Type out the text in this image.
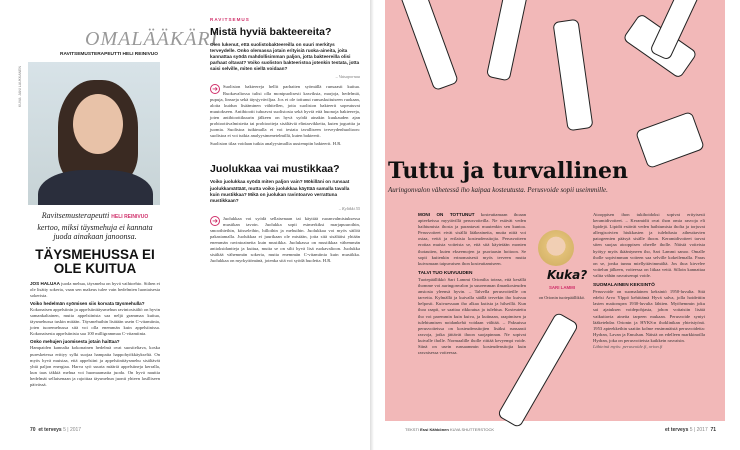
OMALÄÄKÄRI
RAVITSEMUSTERAPEUTTI HELI REINIVUO
KUVA: JANI LAUKKANEN
Ravitsemusterapeutti HELI REINIVUO kertoo, miksi täysmehuja ei kannata juoda ainakaan janoonsa.
TÄYSMEHUSSA EI OLE KUITUA

JOS HALUAA juoda mehua, täysmehu on hyvä vaihtoehto. Siihen ei ole lisätty sokeria, vaan sen makeus tulee vain hedelmien luontaisesta sokerista.

Voiko hedelmän syömisen siis korvata täysmehulla?

Kokonaisen appelsiinin ja appelsiinitäysmehun ravintosisältö on hyvin samankaltainen, mutta appelsiinista saa neljä grammaa kuitua, täysmehussa tuskin mitään. Täysmehuihin lisätään usein C-vitamiinia, joten tuoremehussa sitä voi olla enemmän kuin appelsiinissa. Kokonaisesta appelsiinista saa 100 milligrammaa C-vitamiinia.

Onko mehujen juomisesta jotain haittaa?

Hampaiden kannalta kokonainen hedelmä ovat suositeltava, koska puresketessa erittyy sylki suojaa hampaita happohyökkäykseltä. On myös hyvä muistaa, että appelsiini ja appelsiinitäysmehu sisältävät yhtä paljon energiaa. Harva syö suuria määriä appelsiineja kerralla, kun taas täkkiä mehua voi huomaamatta juoda. On hyvä nauttia hedelmät sellaisenaan ja rajoittaa täysmehun juonti yhteen lasilliseen päivässä.

70 et terveys 5 | 2017
RAVITSEMUS
Mistä hyviä bakteereita?
Olen lukenut, että suolistobakteereilla on suuri merkitys terveydelle. Onko olemassa jotain erityisiä ruoka-aineita, joita kannattaa syödä mahdollisimman paljon, jotta bakteereilla olisi parhaat oltavat? Voiko suoliston bakteeristoa jotenkin testata, jotta saisi selville, miten siellä voidaan?
– Vatsapornaa
➜	Suoliston bakteereja hellit parhaiten syömällä runsaasti kuitua. Ruokavaliossa tulisi olla monipuolisesti kasviksia, marjoja, hedelmiä, pupuja, linsseja sekä täysjyväviljaa. Jos et ole tottunut runsaskuituiseen ruokaan, aloita kuidun lisääminen vähitellen, jotta suoliston bakteerit sopeutuvat muutokseen. Antibiootit tuhoavat suolistosta sekä hyviä että huonoja bakteereja, joten antibioottikuurin jälkeen on hyvä syödä ainakin kuukauden ajan probioottivalmistetta tai probiootteja sisältäviä elintarvikkeita, kuten jogurttia ja juomia. Suolistoa tutkimalla ei voi testata tavalliseen terveydenhuoltoon: suolistoa ei voi tutkia analyysimenetelmillä, kuten bakteerit.
Suoliston tilaa voidaan tutkia analyysimallia uusiempiin bakteerit. H.R.
Juolukkaa vai mustikkaa?
Voiko juolukkaa syödä miten paljon vain? Mökilläni on runsaat juolukkamättäät, mutta voiko juolukkaa käyttää samalla tavalla kuin mustikkaa? Mikä on juolukan ravintoarvo verrattuna mustikkaan?
– Kyläkki 55
➜	Juolukkaa voi syödä sellaisenaan tai käyttää ruoanvalmistuksessa mustikan tavoin. Juolukka sopii esimerkiksi marjapuuroihin, smoothieihin, kiisseleihin, hilloihin ja mehuihin. Juolukkaa voi myös säilöä pakastamalla. Juolukkaa ei juurikaan ole mistään, jotta sitä sisältäisi yhtään enemmän ravintoaineita kuin mustikka. Juolukassa on mustikkaa vähemmän antioksidantteja ja kuitua, mutta se on silti hyvä lisä ruokavalioon. Juolukka sisältää vähemmän sokeria, mutta enemmän C-vitamiinia kuin mustikka. Juolukkaa on myrkyttömänä, jotenka sitä voi syödä huoletta. H.R.
Tuttu ja turvallinen
Auringonvalon vähetessä iho kaipaa kosteutusta. Perusvoide sopii useimmille.

MONI ON TOTTUNUT kosteuttamaan ihoaan apteekeissa myytävillä perusvoiteilla. Ne estävät veden haihtumista ihosta ja parantavat muutenkin sen kuntoa. Perusvoiteet eivät sisällä lääkeaineita, mutta niitä voi ostaa, vettä ja erilaisia kosteudensitojia. Perusvoiteen erottaa muista voiteista se, että sitä käytetään monien ihotautien, kuten ekseemojen ja psoriaasin hoitoon. Se sopii kuitenkin erinomaisesti myös terveen mutta kuivumaan taipuvaisen ihon kosteuttamiseen.

TALVI TUO KUIVUUDEN

Tuotepäällikkö Sari Lammi Orionilta toteaa, että kesällä ihomme voi auringonvalon ja suuremman ilmankosteuden ansiosta yleensä hyvin. – Talvella perusvoiteille on tarvetta. Kylmällä ja kuivalla säällä tervekin iho kuivuu helposti. Kuivuessaan iho alkaa kutista ja hilseillä. Kun ihoa raapii, se saattaa rikkoutua ja tulehtua. Kosteutettu iho voi paremmin kuin kuiva, ja kutinaan, raapimisen ja tulehtumisen noidankehä voidaan välttää. – Paksuissa perusvoiteissa on kosteudensitojien lisäksi runsaasti rasvoja, jotka jättävät ihoon suojapinnan. Ne sopivat kuivalle iholle. Normaalille iholle riittää kevyempi voide. Siinä on usein runsaammin kosteudensitojia kuin rasvaisessa voiteessa.

Kuka?
SARI LAMMI
on Orionin tuotepäällikkö.

Atooppisen ihon tukihoidoksi sopivat erityisesti keramidivoiteet. – Keramidit ovat ihon omia rasvoja eli lipidejä. Lipidit estävät veden haihtumista iholta ja torjuvat allergisoivien hiukkasten ja tulehdusta aiheuttavien patogeenien pääsyä sisälle ihoon. Keramidivoiteet tarvat siten suojaa atooppisen oheelle iholle. Näistä voiteista hyötyy myös ikääntyneen iho, Sari Lammi sanoo. Omalle iholle sopivimman voiteen saa selville kokeilemalla. Paras on se, jonka tunnu miellyttävimmältä. Jos ihoa kirvelee voitelun jälkeen, voiteessa on liikaa vettä. Silloin kannattaa valita vähän rasvaisempi voide.

SUOMALAINEN KEKSINTÖ

Perusvoide on suomalainen keksintö 1950-luvulta. Sitä edelsi Arvo Ylppö kehittämä Hyvä salva, jolla hoidettiin lasten maitorupea 1930-luvulta lähtien. Myöhemmin joku sai ajatuksen voidepohjasta, johon voitaisiin lisätä vaikuttavia aineita tarpeen mukaan. Perusvoide syntyi lääketehdas Orionin ja HYKS:n ihoklinikan yhteistyönä. 1953 apteekkeihin saatiin kolme ensimmäistä perusvoidetta: Hydran, Lavan ja Emulsan. Näistä on edelleen markkinoilla Hydran, joka on perusvoiteista kaikkein rasvaisin.

Lähteinä myös: perusvoide.fi, orion.fi

TEKSTI Essi Kähkönen KUVA SHUTTERSTOCK	et terveys 5 | 2017 71
